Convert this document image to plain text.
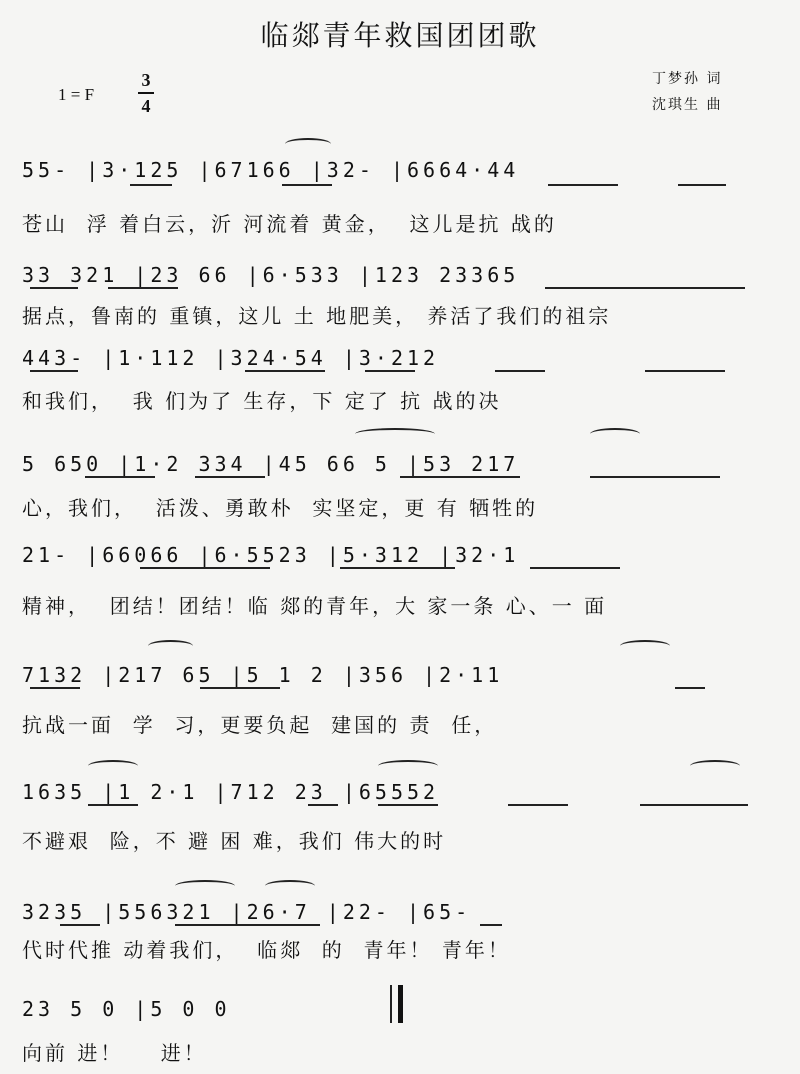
临郯青年救国团团歌
1 = F
3
4
丁梦孙 词
沈琪生 曲
55- |3·125 |67166 |32- |6664·44
苍山  浮 着白云，沂 河流着 黄金，  这儿是抗 战的
33 321 |23 66 |6·533 |123 23365
据点，鲁南的 重镇，这儿 土 地肥美， 养活了我们的祖宗
443- |1·112 |324·54 |3·212
和我们，  我 们为了 生存，下 定了 抗 战的决
5 650 |1·2 334 |45 66 5 |53 217
心，我们，  活泼、勇敢朴  实坚定，更 有 牺牲的
21- |66066 |6·5523 |5·312 |32·1
精神，  团结！团结！临 郯的青年，大 家一条 心、一 面
7132 |217 65 |5 1 2 |356 |2·11
抗战一面  学  习，更要负起  建国的 责  任，
1635 |1 2·1 |712 23 |65552
不避艰  险，不 避 困 难，我们 伟大的时
3235 |556321 |26·7 |22- |65-
代时代推 动着我们，  临郯  的  青年！ 青年！
23 5 0 |5 0 0
向前 进！    进！
